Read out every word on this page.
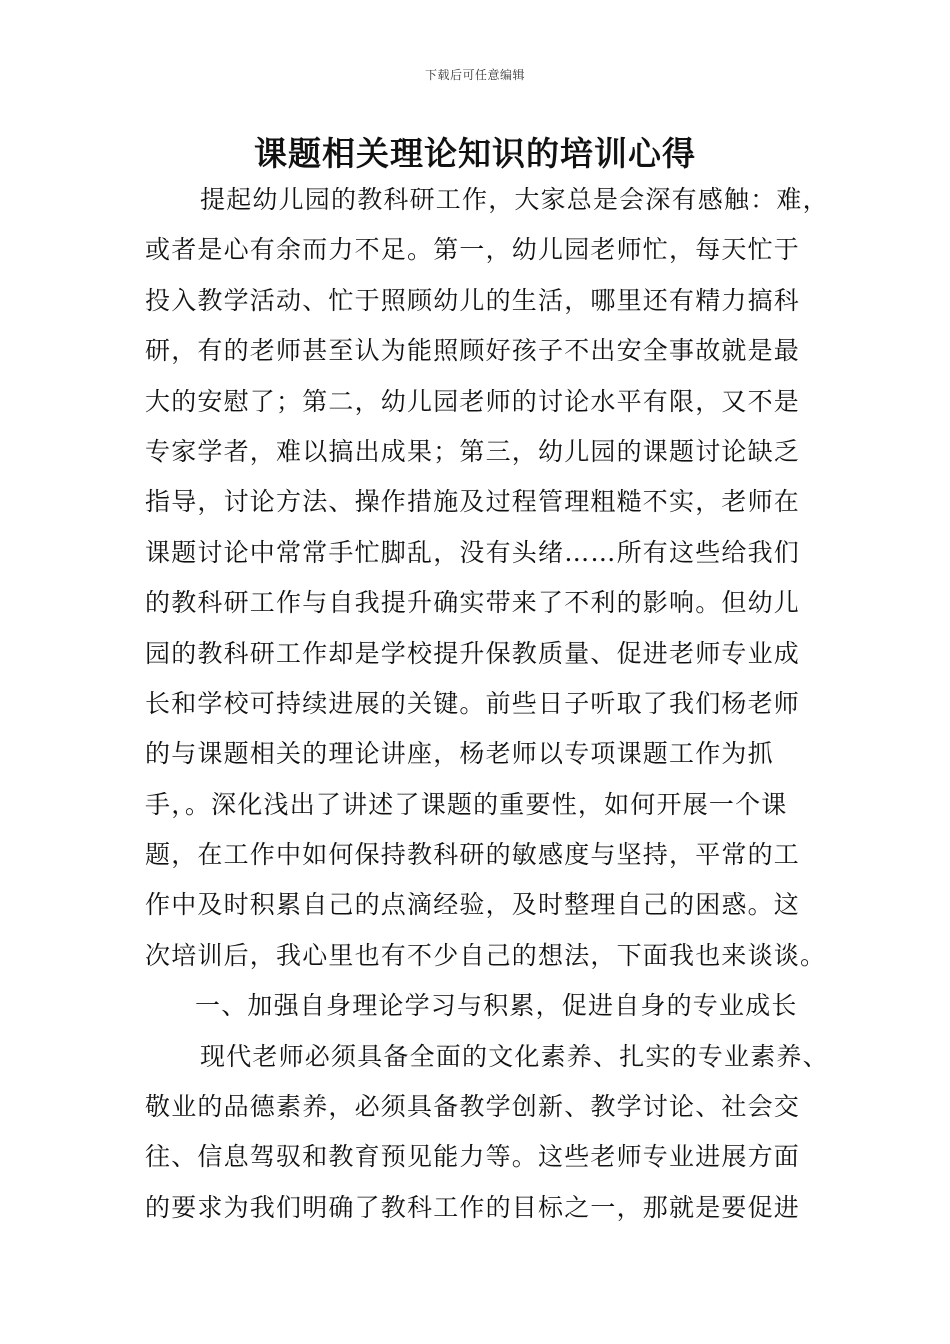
下载后可任意编辑
课题相关理论知识的培训心得
提起幼儿园的教科研工作，大家总是会深有感触：难，
或者是心有余而力不足。第一，幼儿园老师忙，每天忙于
投入教学活动、忙于照顾幼儿的生活，哪里还有精力搞科
研，有的老师甚至认为能照顾好孩子不出安全事故就是最
大的安慰了；第二，幼儿园老师的讨论水平有限，又不是
专家学者，难以搞出成果；第三，幼儿园的课题讨论缺乏
指导，讨论方法、操作措施及过程管理粗糙不实，老师在
课题讨论中常常手忙脚乱，没有头绪……所有这些给我们
的教科研工作与自我提升确实带来了不利的影响。但幼儿
园的教科研工作却是学校提升保教质量、促进老师专业成
长和学校可持续进展的关键。前些日子听取了我们杨老师
的与课题相关的理论讲座，杨老师以专项课题工作为抓
手，。深化浅出了讲述了课题的重要性，如何开展一个课
题，在工作中如何保持教科研的敏感度与坚持，平常的工
作中及时积累自己的点滴经验，及时整理自己的困惑。这
次培训后，我心里也有不少自己的想法，下面我也来谈谈。
一、加强自身理论学习与积累，促进自身的专业成长
现代老师必须具备全面的文化素养、扎实的专业素养、
敬业的品德素养，必须具备教学创新、教学讨论、社会交
往、信息驾驭和教育预见能力等。这些老师专业进展方面
的要求为我们明确了教科工作的目标之一，那就是要促进
